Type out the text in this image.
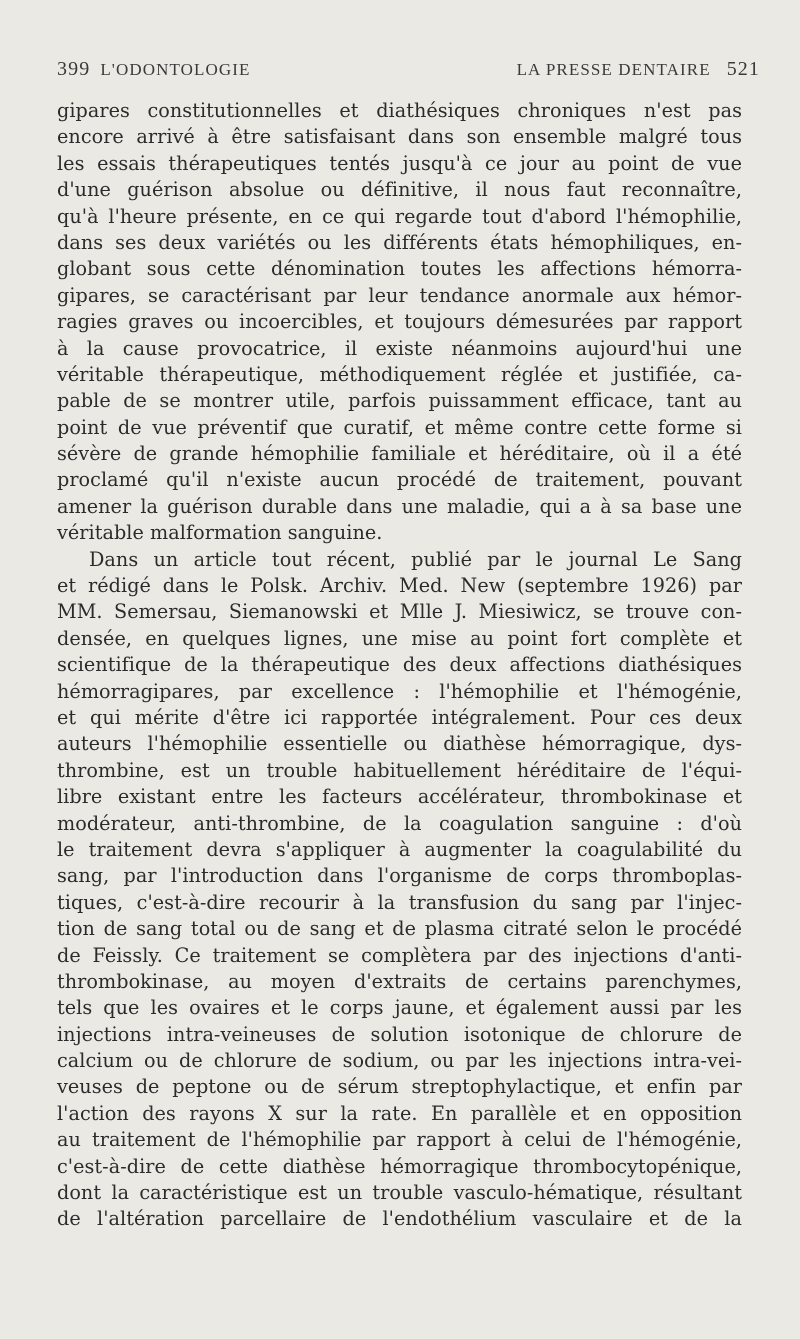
399 L'ODONTOLOGIE	LA PRESSE DENTAIRE 521
gipares constitutionnelles et diathésiques chroniques n'est pas
encore arrivé à être satisfaisant dans son ensemble malgré tous
les essais thérapeutiques tentés jusqu'à ce jour au point de vue
d'une guérison absolue ou définitive, il nous faut reconnaître,
qu'à l'heure présente, en ce qui regarde tout d'abord l'hémophilie,
dans ses deux variétés ou les différents états hémophiliques, en-
globant sous cette dénomination toutes les affections hémorra-
gipares, se caractérisant par leur tendance anormale aux hémor-
ragies graves ou incoercibles, et toujours démesurées par rapport
à la cause provocatrice, il existe néanmoins aujourd'hui une
véritable thérapeutique, méthodiquement réglée et justifiée, ca-
pable de se montrer utile, parfois puissamment efficace, tant au
point de vue préventif que curatif, et même contre cette forme si
sévère de grande hémophilie familiale et héréditaire, où il a été
proclamé qu'il n'existe aucun procédé de traitement, pouvant
amener la guérison durable dans une maladie, qui a à sa base une
véritable malformation sanguine.
Dans un article tout récent, publié par le journal Le Sang
et rédigé dans le Polsk. Archiv. Med. New (septembre 1926) par
MM. Semersau, Siemanowski et Mlle J. Miesiwicz, se trouve con-
densée, en quelques lignes, une mise au point fort complète et
scientifique de la thérapeutique des deux affections diathésiques
hémorragipares, par excellence : l'hémophilie et l'hémogénie,
et qui mérite d'être ici rapportée intégralement. Pour ces deux
auteurs l'hémophilie essentielle ou diathèse hémorragique, dys-
thrombine, est un trouble habituellement héréditaire de l'équi-
libre existant entre les facteurs accélérateur, thrombokinase et
modérateur, anti-thrombine, de la coagulation sanguine : d'où
le traitement devra s'appliquer à augmenter la coagulabilité du
sang, par l'introduction dans l'organisme de corps thromboplas-
tiques, c'est-à-dire recourir à la transfusion du sang par l'injec-
tion de sang total ou de sang et de plasma citraté selon le procédé
de Feissly. Ce traitement se complètera par des injections d'anti-
thrombokinase, au moyen d'extraits de certains parenchymes,
tels que les ovaires et le corps jaune, et également aussi par les
injections intra-veineuses de solution isotonique de chlorure de
calcium ou de chlorure de sodium, ou par les injections intra-vei-
veuses de peptone ou de sérum streptophylactique, et enfin par
l'action des rayons X sur la rate. En parallèle et en opposition
au traitement de l'hémophilie par rapport à celui de l'hémogénie,
c'est-à-dire de cette diathèse hémorragique thrombocytopénique,
dont la caractéristique est un trouble vasculo-hématique, résultant
de l'altération parcellaire de l'endothélium vasculaire et de la
